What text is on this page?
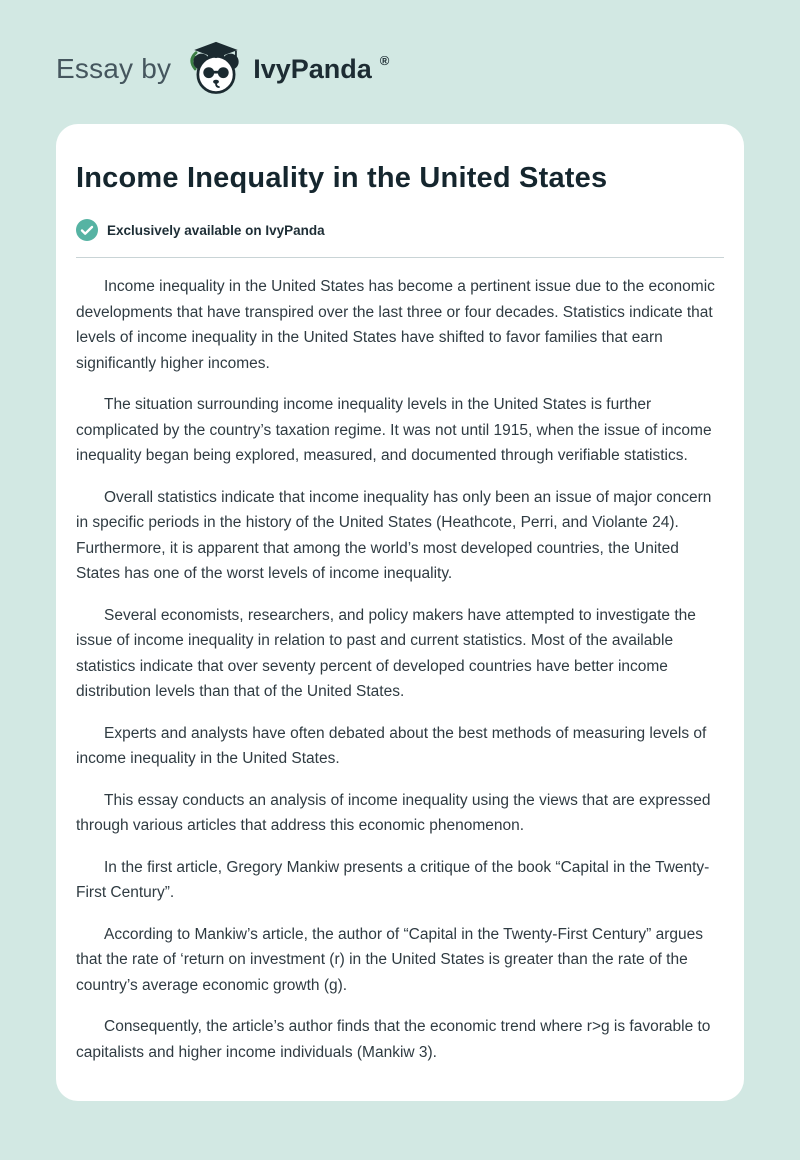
Essay by	IvyPanda ®
Income Inequality in the United States
Exclusively available on IvyPanda

Income inequality in the United States has become a pertinent issue due to the economic developments that have transpired over the last three or four decades. Statistics indicate that levels of income inequality in the United States have shifted to favor families that earn significantly higher incomes.

The situation surrounding income inequality levels in the United States is further complicated by the country’s taxation regime. It was not until 1915, when the issue of income inequality began being explored, measured, and documented through verifiable statistics.

Overall statistics indicate that income inequality has only been an issue of major concern in specific periods in the history of the United States (Heathcote, Perri, and Violante 24). Furthermore, it is apparent that among the world’s most developed countries, the United States has one of the worst levels of income inequality.

Several economists, researchers, and policy makers have attempted to investigate the issue of income inequality in relation to past and current statistics. Most of the available statistics indicate that over seventy percent of developed countries have better income distribution levels than that of the United States.

Experts and analysts have often debated about the best methods of measuring levels of income inequality in the United States.

This essay conducts an analysis of income inequality using the views that are expressed through various articles that address this economic phenomenon.

In the first article, Gregory Mankiw presents a critique of the book “Capital in the Twenty-First Century”.

According to Mankiw’s article, the author of “Capital in the Twenty-First Century” argues that the rate of ‘return on investment (r) in the United States is greater than the rate of the country’s average economic growth (g).

Consequently, the article’s author finds that the economic trend where r>g is favorable to capitalists and higher income individuals (Mankiw 3).
